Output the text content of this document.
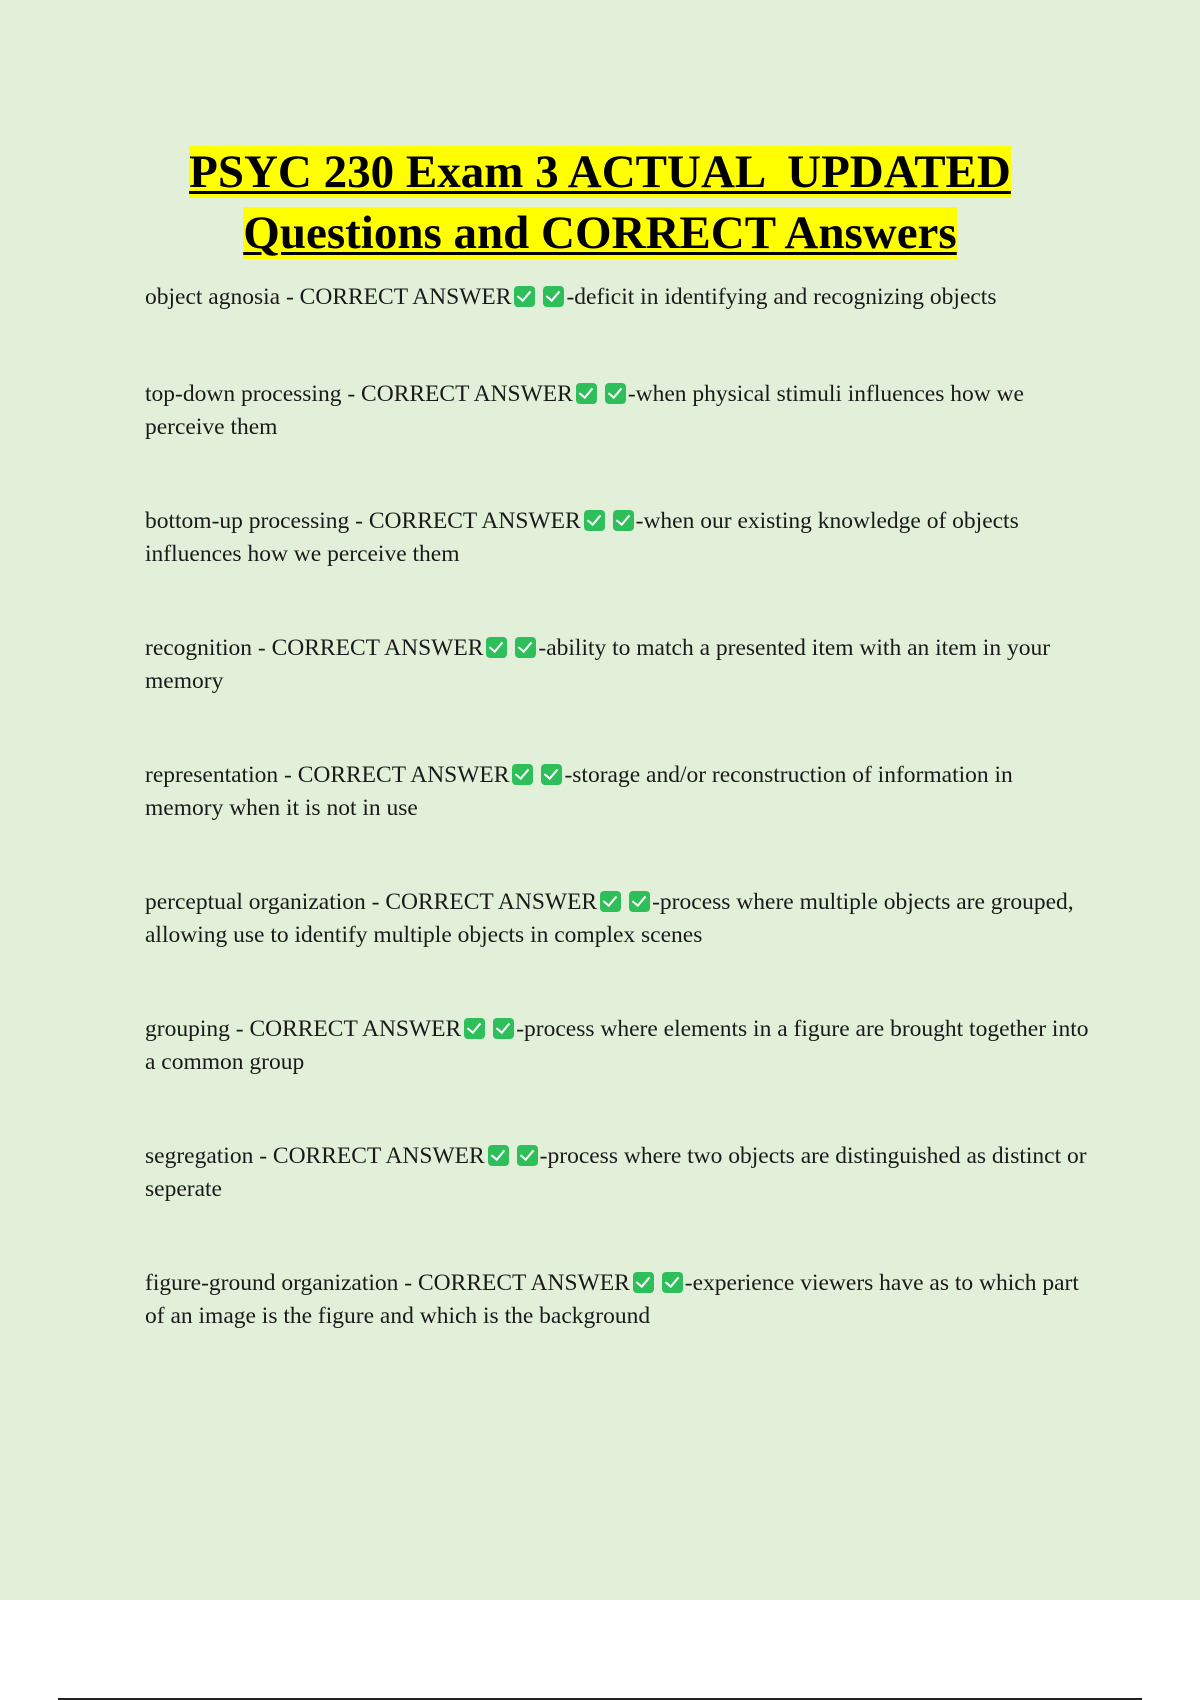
PSYC 230 Exam 3 ACTUAL  UPDATED
Questions and CORRECT Answers

object agnosia - CORRECT ANSWER -deficit in identifying and recognizing objects

top-down processing - CORRECT ANSWER -when physical stimuli influences how we perceive them

bottom-up processing - CORRECT ANSWER -when our existing knowledge of objects influences how we perceive them

recognition - CORRECT ANSWER -ability to match a presented item with an item in your memory

representation - CORRECT ANSWER -storage and/or reconstruction of information in memory when it is not in use

perceptual organization - CORRECT ANSWER -process where multiple objects are grouped, allowing use to identify multiple objects in complex scenes

grouping - CORRECT ANSWER -process where elements in a figure are brought together into a common group

segregation - CORRECT ANSWER -process where two objects are distinguished as distinct or seperate

figure-ground organization - CORRECT ANSWER -experience viewers have as to which part of an image is the figure and which is the background
